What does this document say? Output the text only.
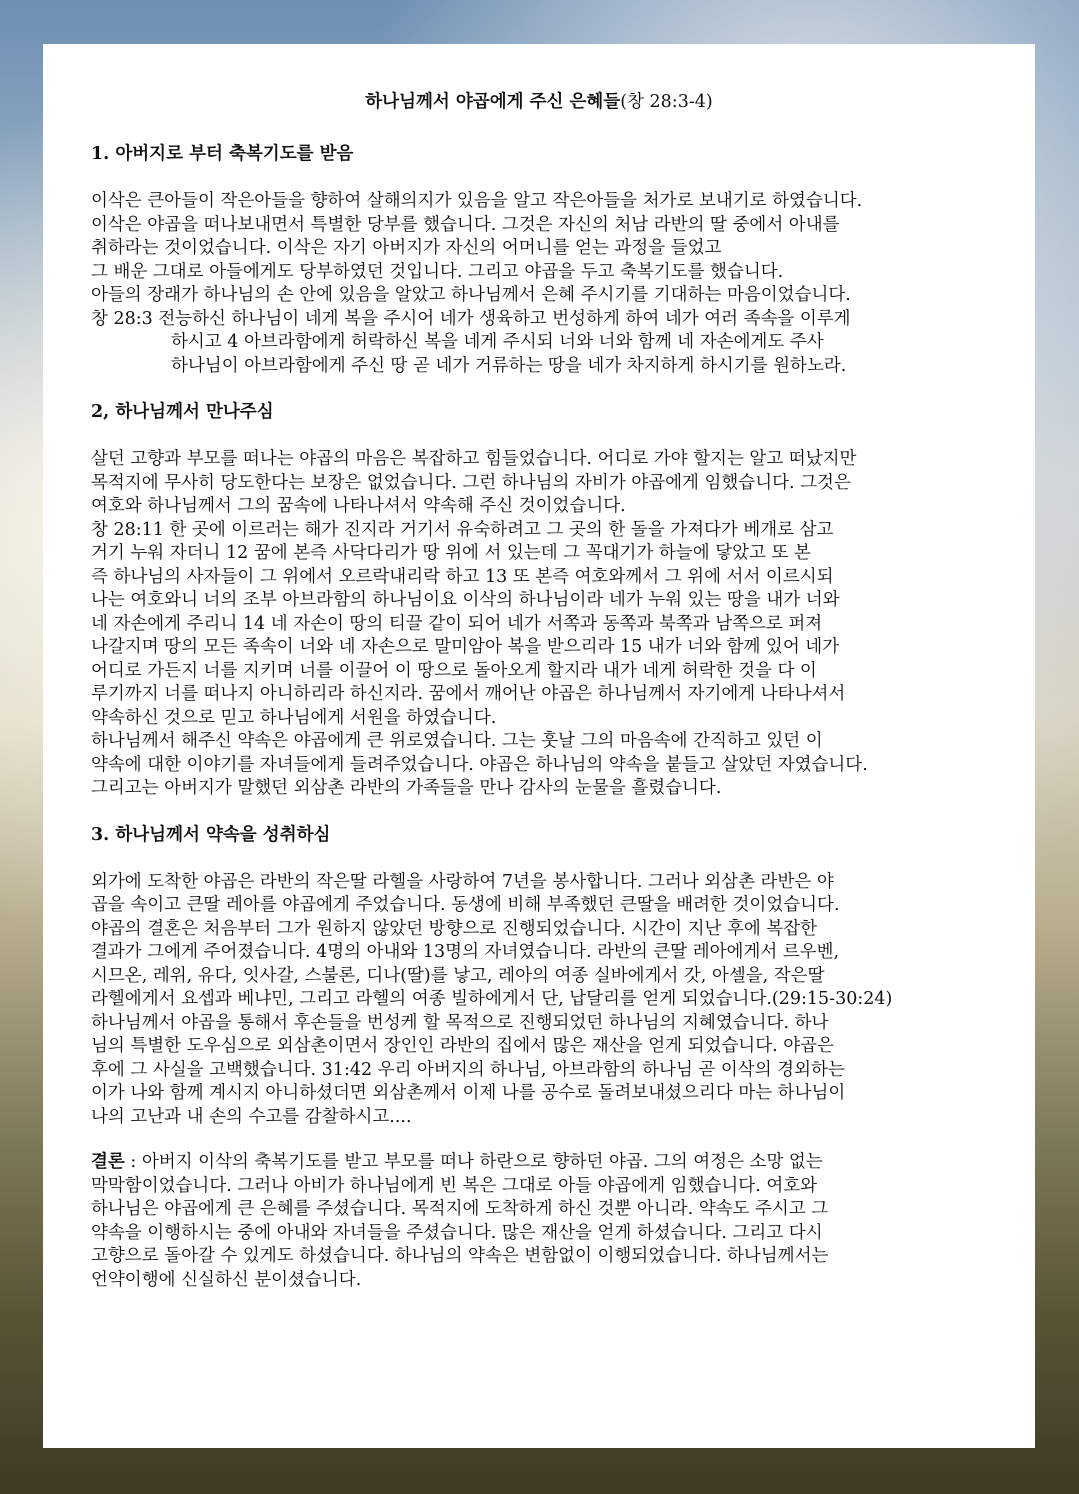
하나님께서 야곱에게 주신 은혜들(창 28:3-4)
1. 아버지로 부터 축복기도를 받음

이삭은 큰아들이 작은아들을 향하여 살해의지가 있음을 알고 작은아들을 처가로 보내기로 하였습니다.

이삭은 야곱을 떠나보내면서 특별한 당부를 했습니다. 그것은 자신의 처남 라반의 딸 중에서 아내를

취하라는 것이었습니다. 이삭은 자기 아버지가 자신의 어머니를 얻는 과정을 들었고

그 배운 그대로 아들에게도 당부하였던 것입니다. 그리고 야곱을 두고 축복기도를 했습니다.

아들의 장래가 하나님의 손 안에 있음을 알았고 하나님께서 은혜 주시기를 기대하는 마음이었습니다.

창 28:3 전능하신 하나님이 네게 복을 주시어 네가 생육하고 번성하게 하여 네가 여러 족속을 이루게

하시고 4 아브라함에게 허락하신 복을 네게 주시되 너와 너와 함께 네 자손에게도 주사

하나님이 아브라함에게 주신 땅 곧 네가 거류하는 땅을 네가 차지하게 하시기를 원하노라.

2, 하나님께서 만나주심

살던 고향과 부모를 떠나는 야곱의 마음은 복잡하고 힘들었습니다. 어디로 가야 할지는 알고 떠났지만

목적지에 무사히 당도한다는 보장은 없었습니다. 그런 하나님의 자비가 야곱에게 임했습니다. 그것은

여호와 하나님께서 그의 꿈속에 나타나셔서 약속해 주신 것이었습니다.

창 28:11 한 곳에 이르러는 해가 진지라 거기서 유숙하려고 그 곳의 한 돌을 가져다가 베개로 삼고

거기 누워 자더니 12 꿈에 본즉 사닥다리가 땅 위에 서 있는데 그 꼭대기가 하늘에 닿았고 또 본

즉 하나님의 사자들이 그 위에서 오르락내리락 하고 13 또 본즉 여호와께서 그 위에 서서 이르시되

나는 여호와니 너의 조부 아브라함의 하나님이요 이삭의 하나님이라 네가 누워 있는 땅을 내가 너와

네 자손에게 주리니 14 네 자손이 땅의 티끌 같이 되어 네가 서쪽과 동쪽과 북쪽과 남쪽으로 퍼져

나갈지며 땅의 모든 족속이 너와 네 자손으로 말미암아 복을 받으리라 15 내가 너와 함께 있어 네가

어디로 가든지 너를 지키며 너를 이끌어 이 땅으로 돌아오게 할지라 내가 네게 허락한 것을 다 이

루기까지 너를 떠나지 아니하리라 하신지라. 꿈에서 깨어난 야곱은 하나님께서 자기에게 나타나셔서

약속하신 것으로 믿고 하나님에게 서원을 하였습니다.

하나님께서 해주신 약속은 야곱에게 큰 위로였습니다. 그는 훗날 그의 마음속에 간직하고 있던 이

약속에 대한 이야기를 자녀들에게 들려주었습니다. 야곱은 하나님의 약속을 붙들고 살았던 자였습니다.

그리고는 아버지가 말했던 외삼촌 라반의 가족들을 만나 감사의 눈물을 흘렸습니다.

3. 하나님께서 약속을 성취하심

외가에 도착한 야곱은 라반의 작은딸 라헬을 사랑하여 7년을 봉사합니다. 그러나 외삼촌 라반은 야

곱을 속이고 큰딸 레아를 야곱에게 주었습니다. 동생에 비해 부족했던 큰딸을 배려한 것이었습니다.

야곱의 결혼은 처음부터 그가 원하지 않았던 방향으로 진행되었습니다. 시간이 지난 후에 복잡한

결과가 그에게 주어졌습니다. 4명의 아내와 13명의 자녀였습니다. 라반의 큰딸 레아에게서 르우벤,

시므온, 레위, 유다, 잇사갈, 스불론, 디나(딸)를 낳고, 레아의 여종 실바에게서 갓, 아셀을, 작은딸

라헬에게서 요셉과 베냐민, 그리고 라헬의 여종 빌하에게서 단, 납달리를 얻게 되었습니다.(29:15-30:24)

하나님께서 야곱을 통해서 후손들을 번성케 할 목적으로 진행되었던 하나님의 지혜였습니다. 하나

님의 특별한 도우심으로 외삼촌이면서 장인인 라반의 집에서 많은 재산을 얻게 되었습니다. 야곱은

후에 그 사실을 고백했습니다. 31:42 우리 아버지의 하나님, 아브라함의 하나님 곧 이삭의 경외하는

이가 나와 함께 계시지 아니하셨더면 외삼촌께서 이제 나를 공수로 돌려보내셨으리다 마는 하나님이

나의 고난과 내 손의 수고를 감찰하시고....

결론 : 아버지 이삭의 축복기도를 받고 부모를 떠나 하란으로 향하던 야곱. 그의 여정은 소망 없는

막막함이었습니다. 그러나 아비가 하나님에게 빈 복은 그대로 아들 야곱에게 임했습니다. 여호와

하나님은 야곱에게 큰 은혜를 주셨습니다. 목적지에 도착하게 하신 것뿐 아니라. 약속도 주시고 그

약속을 이행하시는 중에 아내와 자녀들을 주셨습니다. 많은 재산을 얻게 하셨습니다. 그리고 다시

고향으로 돌아갈 수 있게도 하셨습니다. 하나님의 약속은 변함없이 이행되었습니다. 하나님께서는

언약이행에 신실하신 분이셨습니다.
